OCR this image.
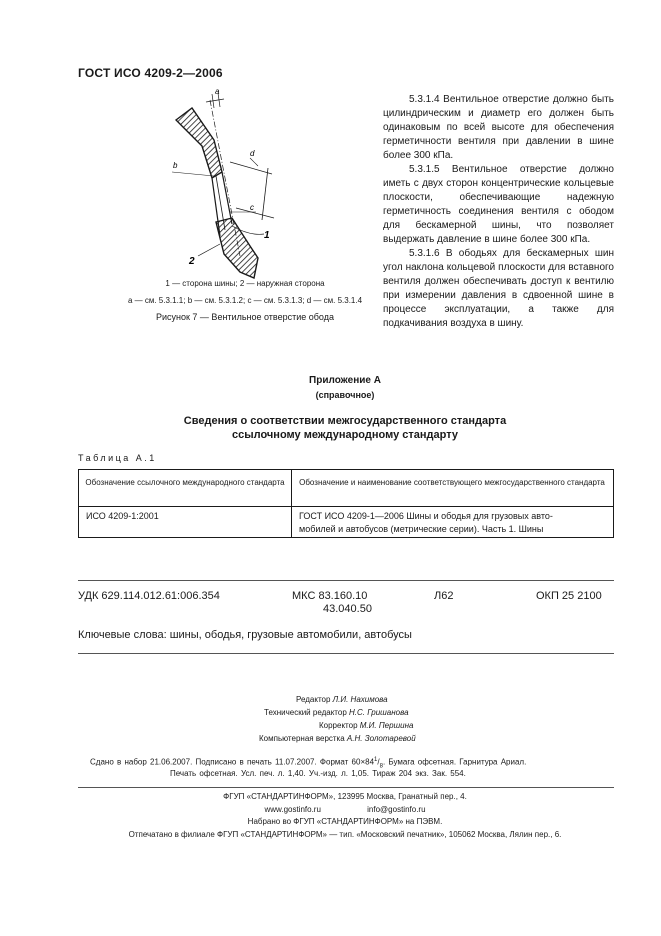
ГОСТ ИСО 4209-2—2006
a
d
b
c
1
2
1 — сторона шины; 2 — наружная сторона
а — см. 5.3.1.1; b — см. 5.3.1.2; с — см. 5.3.1.3; d — см. 5.3.1.4
Рисунок 7 — Вентильное отверстие обода

5.3.1.4 Вентильное отверстие должно быть цилиндрическим и диаметр его должен быть одинаковым по всей высоте для обеспечения герметичности вентиля при давлении в шине более 300 кПа.

5.3.1.5 Вентильное отверстие должно иметь с двух сторон концентрические кольцевые плоскости, обеспечивающие надежную герметичность соединения вентиля с ободом для бескамерной шины, что позволяет выдержать давление в шине более 300 кПа.

5.3.1.6 В ободьях для бескамерных шин угол наклона кольцевой плоскости для вставного вентиля должен обеспечивать доступ к вентилю при измерении давления в сдвоенной шине в процессе эксплуатации, а также для подкачивания воздуха в шину.

Приложение А
(справочное)
Сведения о соответствии межгосударственного стандарта
ссылочному международному стандарту
Таблица А.1
Обозначение ссылочного международного стандарта	Обозначение и наименование соответствующего межгосударственного стандарта
ИСО 4209-1:2001	ГОСТ ИСО 4209-1—2006 Шины и ободья для грузовых авто-
мобилей и автобусов (метрические серии). Часть 1. Шины
УДК 629.114.012.61:006.354	МКС 83.160.10
43.040.50
Л62	ОКП 25 2100
Ключевые слова: шины, ободья, грузовые автомобили, автобусы
Редактор Л.И. Нахимова
Технический редактор Н.С. Гришанова
Корректор М.И. Першина
Компьютерная верстка А.Н. Золотаревой
Сдано в набор 21.06.2007. Подписано в печать 11.07.2007. Формат $60\times 84^1/_8$. Бумага офсетная. Гарнитура Ариал.
Печать офсетная. Усл. печ. л. 1,40. Уч.-изд. л. 1,05. Тираж 204 экз. Зак. 554.
ФГУП «СТАНДАРТИНФОРМ», 123995 Москва, Гранатный пер., 4.
www.gostinfo.ru	info@gostinfo.ru
Набрано во ФГУП «СТАНДАРТИНФОРМ» на ПЭВМ.
Отпечатано в филиале ФГУП «СТАНДАРТИНФОРМ» — тип. «Московский печатник», 105062 Москва, Лялин пер., 6.
